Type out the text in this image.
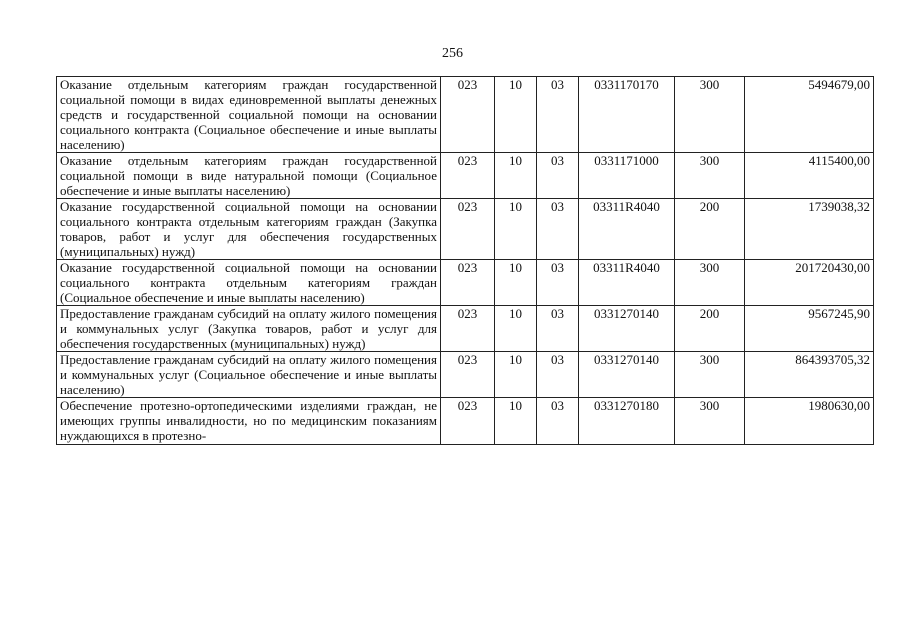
256
Оказание отдельным категориям граждан государственной социальной помощи в видах единовременной выплаты денежных средств и государственной социальной помощи на основании социального контракта (Социальное обеспечение и иные выплаты населению)	023	10	03	0331170170	300	5494679,00
Оказание отдельным категориям граждан государственной социальной помощи в виде натуральной помощи (Социальное обеспечение и иные выплаты населению)	023	10	03	0331171000	300	4115400,00
Оказание государственной социальной помощи на основании социального контракта отдельным категориям граждан (Закупка товаров, работ и услуг для обеспечения государственных (муниципальных) нужд)	023	10	03	03311R4040	200	1739038,32
Оказание государственной социальной помощи на основании социального контракта отдельным категориям граждан (Социальное обеспечение и иные выплаты населению)	023	10	03	03311R4040	300	201720430,00
Предоставление гражданам субсидий на оплату жилого помещения и коммунальных услуг (Закупка товаров, работ и услуг для обеспечения государственных (муниципальных) нужд)	023	10	03	0331270140	200	9567245,90
Предоставление гражданам субсидий на оплату жилого помещения и коммунальных услуг (Социальное обеспечение и иные выплаты населению)	023	10	03	0331270140	300	864393705,32

Обеспечение протезно-ортопедическими изделиями граждан, не имеющих группы инвалидности, но по медицинским показаниям нуждающихся в протезно-	023	10	03	0331270180	300	1980630,00
